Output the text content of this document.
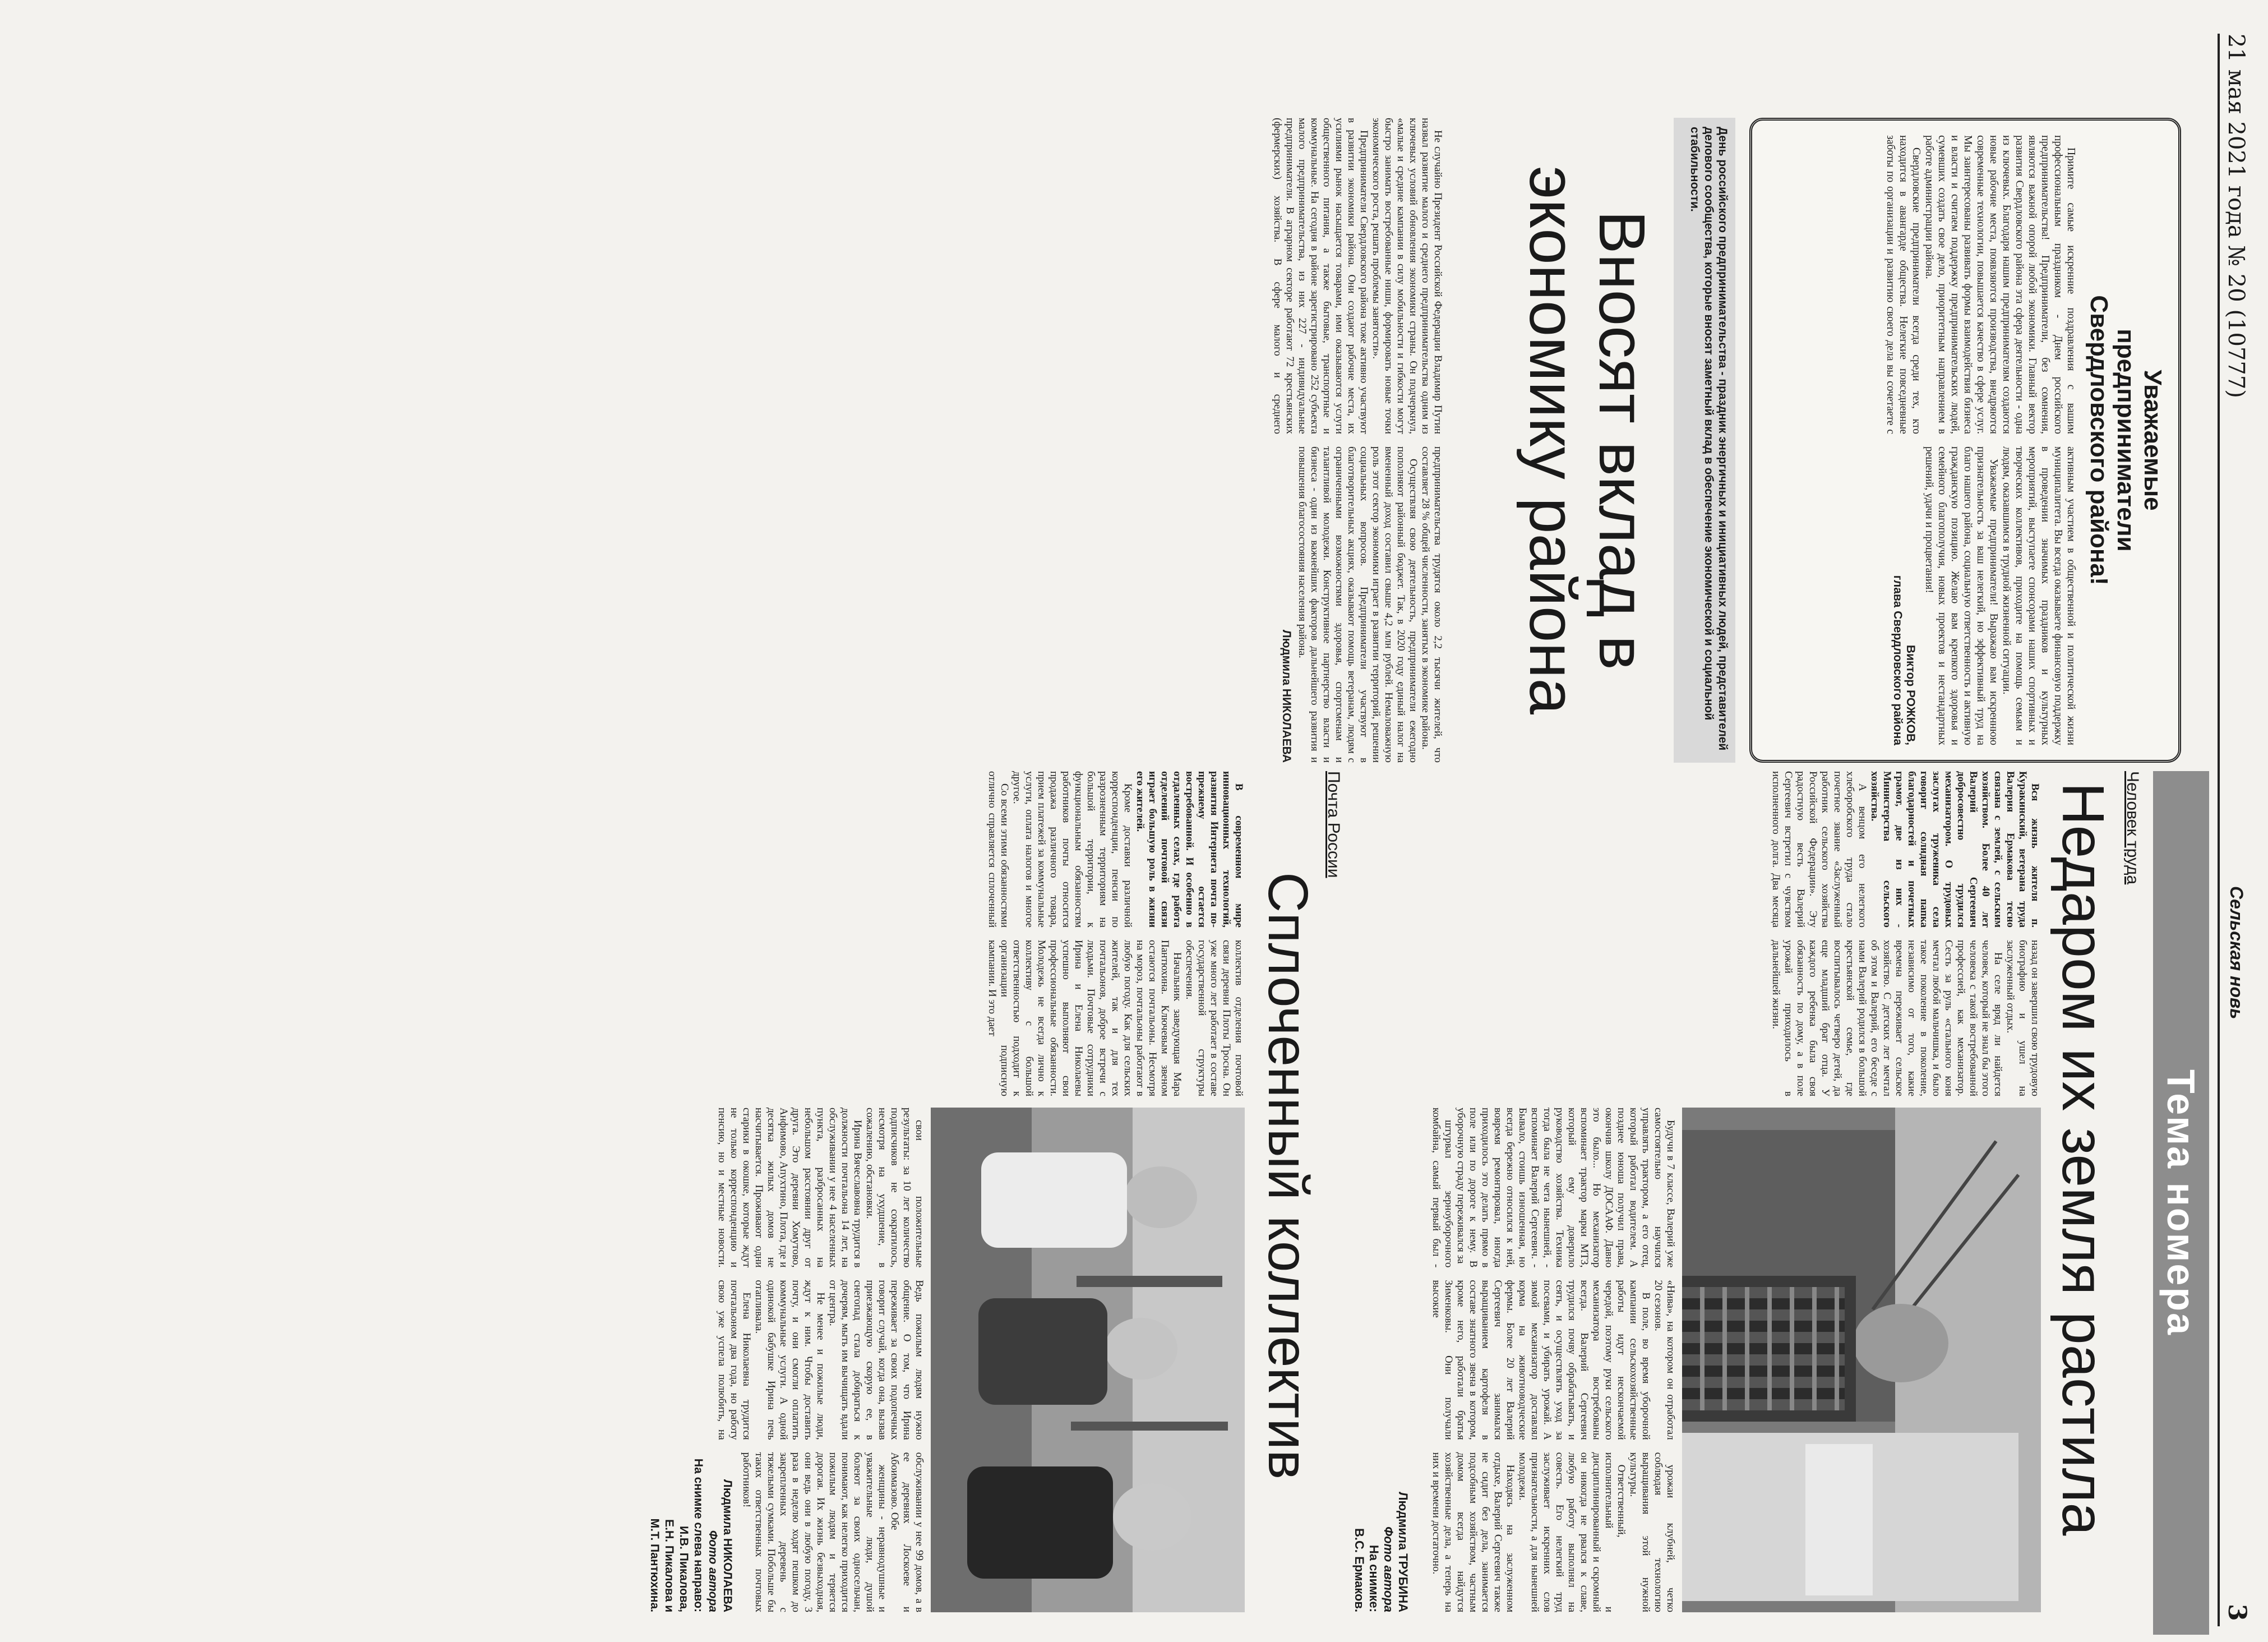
21 мая 2021 года № 20 (10777)
Сельская новь
3
Уважаемые предприниматели Свердловского района!

Примите самые искренние поздравления с вашим профессиональным праздником - Днем российского предпринимательства! Предприниматели, без сомнения, являются важной опорой любой экономики. Главный вектор развития Свердловского района эта сфера деятельности - одна из ключевых. Благодаря нашим предпринимателям создаются новые рабочие места, появляются производства, внедряются современные технологии, повышается качество в сфере услуг. Мы заинтересованы развивать формы взаимодействия бизнеса и власти и считаем поддержку предпринимательских людей, сумевших создать свое дело, приоритетным направлением в работе администрации района.

Свердловские предприниматели всегда среди тех, кто находится в авангарде общества. Нелегкие повседневные заботы по организации и развитию своего дела вы сочетаете с активным участием в общественной и политической жизни муниципалитета. Вы всегда оказываете финансовую поддержку в проведении значимых праздников и культурных мероприятий, выступаете спонсорами наших спортивных и творческих коллективов, приходите на помощь семьям и людям, оказавшимся в трудной жизненной ситуации.

Уважаемые предприниматели! Выражаю вам искреннюю признательность за ваш нелегкий, но эффективный труд на благо нашего района, социальную ответственность и активную гражданскую позицию. Желаю вам крепкого здоровья и семейного благополучия, новых проектов и нестандартных решений, удачи и процветания!

Виктор РОЖКОВ,
глава Свердловского района
Тема номера
Человек труда
Недаром их земля растила

Вся жизнь жителя п. Куракинский, ветерана труда Валерия Ермакова тесно связана с землей, с сельским хозяйством. Более 40 лет Валерий Сергеевич добросовестно трудился механизатором. О трудовых заслугах труженика села говорит солидная папка благодарностей и почетных грамот, две из них - Министерства сельского хозяйства.

А венцом его нелегкого хлеборобского труда стало почетное звание «Заслуженный работник сельского хозяйства Российской Федерации». Эту радостную весть Валерий Сергеевич встретил с чувством исполненного долга. Два месяца назад он завершил свою трудовую биографию и ушел на заслуженный отдых.

На селе вряд ли найдется человек, который не знал бы этого человека с такой востребованной профессией, как механизатор. Сесть за руль «стального коня мечтал любой мальчишка, и было такое поколение в поколение, независимо от того, какие времена переживает сельское хозяйство. С детских лет мечтал об этом и Валерий, его беседе с нами Валерий родился в большой крестьянской семье, где воспитывалось четверо детей, да еще младший брат отца. У каждого ребенка была своя обязанность по дому, а в поле урожай приходилось в дальнейшей жизни.

Будучи в 7 классе, Валерий уже самостоятельно научился управлять трактором, а его отец, который работал водителем. А позднее юноша получил права, окончив школу ДОСААФ. Давно это было... Но механизатор вспоминает трактор марки МТЗ, который ему доверило руководство хозяйства. Техника тогда была не чета нынешней, - вспоминает Валерий Сергеевич. - Бывало, стоишь изношенная, но всегда бережно относился к ней, вовремя ремонтировал, иногда приходилось это делать прямо в поле или по дороге к нему. В уборочную страду переживался за

штурвал зерноуборочного комбайна, самый первый был - «Нива», на котором он отработал 20 сезонов.

В поле, во время уборочной кампании сельскохозяйственные работы идут нескончаемой чередой, поэтому руки сельского механизатора востребованы всегда. Валерий Сергеевич трудился почву обрабатывать, и сеять, и осуществлять уход за посевами, и убирать урожай. А зимой механизатор доставлял корма на животноводческие фермы. Более 20 лет Валерий Сергеевич занимался выращиванием картофеля в составе знатного звена в котором, кроме него, работали братья Зименковы. Они получали высокие

урожаи клубней, четко соблюдая технологию выращивания этой нужной культуры.

Ответственный, исполнительный и дисциплинированный и скромный он никогда не рвался к славе, любую работу выполнял на совесть. Его нелегкий труд заслуживает искренних слов признательности, а для нынешней молодежи.

Находясь на заслуженном отдыхе, Валерий Сергеевич также не сидит без дела, занимается подсобным хозяйством, частным домом всегда найдутся хозяйственные дела, а теперь на них и времени достаточно.

Людмила ТРУБИНА
Фото автора
На снимке:
В.С. Ермаков.
День российского предпринимательства - праздник энергичных и инициативных людей, представителей делового сообщества, которые вносят заметный вклад в обеспечение экономической и социальной стабильности.
Вносят вклад в экономику района

Не случайно Президент Российской Федерации Владимир Путин назвал развитие малого и среднего предпринимательства одним из ключевых условий обновления экономики страны. Он подчеркнул, «малые и средние кампании в силу мобильности и гибкости могут быстро занимать востребованные ниши, формировать новые точки экономического роста, решать проблемы занятости».

Предприниматели Свердловского района тоже активно участвуют в развитии экономики района. Они создают рабочие места, их усилиями рынок насыщается товарами, ими оказываются услуги общественного питания, а также бытовые, транспортные и коммунальные. На сегодня в районе зарегистрировано 252 субъекта малого предпринимательства, из них 227 - индивидуальные предприниматели. В аграрном секторе работают 72 крестьянских (фермерских) хозяйства. В сфере малого и среднего предпринимательства трудятся около 2,2 тысячи жителей, что составляет 28 % общей численности, занятых в экономике района.

Осуществляя свою деятельность, предприниматели ежегодно пополняют районный бюджет. Так, в 2020 году единый налог на вмененный доход составил свыше 4,2 млн рублей. Немаловажную роль этот сектор экономики играет в развитии территорий, решении социальных вопросов. Предприниматели участвуют в благотворительных акциях, оказывают помощь ветеранам, людям с ограниченными возможностями здоровья, спортсменам и талантливой молодежи. Конструктивное партнерство власти и бизнеса - один из важнейших факторов дальнейшего развития и повышения благосостояния населения района.

Людмила НИКОЛАЕВА
Почта России
Сплоченный коллектив

В современном мире инновационных технологий, развития Интернета почта по-прежнему остается востребованной. И особенно в отдаленных селах, где работа отделений почтовой связи играет большую роль в жизни его жителей.

Кроме доставки различной корреспонденции, пенсии по разрозненным территориям на большой территории, к функциональным обязанностям работников почты относится продажа различного товара, прием платежей за коммунальные услуги, оплата налогов и многое другое.

Со всеми этими обязанностями отлично справляется сплоченный коллектив отделения почтовой связи деревни Плоты Тросна. Он уже много лет работает в составе государственной структуры обеспечения.

Начальник заведующая Мара Пантюхина. Ключевым звеном остаются почтальоны. Несмотря на мороз, почтальоны работают в любую погоду. Как для сельских жителей, так и для тех почтальонов, доброе встречи с людьми. Почтовые сотрудники Ирина и Елена Николаевы успешно выполняют свои профессиональные обязанности. Молодежь не всегда лично к коллективу с большой ответственностью подходит к организации подписную кампании. И это дает

свои положительные результаты: за 10 лет количество подписчиков не сократилось, несмотря на ухудшение, в сожалению, обстановки.

Ирина Вячеславовна трудится в должности почтальона 14 лет, на обслуживании у нее 4 населенных пункта, разбросанных на небольшом расстоянии друг от друга. Это деревни Хомутово, Анфимово, Апухтино, Плота, где и десятка жилых домов не насчитывается. Проживают одни старики в окошке, которые ждут не только корреспонденцию и пенсию, но и местные новости. Ведь пожилым людям нужно общение. О том, что Ирина переживает за своих подопечных говорит случай, когда она, вызвав приезжающую скорую ее, в снегопад стала добираться к дочерям, мыть им вычищать вдали от центра.

Не менее и пожилые люди, ждут к ним. Чтобы доставить почту, и они смогли оплатить коммунальные услуги. А одной одинокой бабушке Ирина печь отапливала.

Елена Николаевна трудится почтальоном два года, но работу свою уже успела полюбить, на обслуживании у нее 99 домов, а в ее деревнях Лоскоеве и Абоимазово. Обе

женщины - неравнодушные и уважительные люди, душой болеют за своих односельчан, понимают, как нелегко приходится пожилым людям и теряется дорогая. Их жизнь безвыходная, они ведь они в любую погоду, 3 раза в неделю ходят пешком до закрепленных деревень с тяжелыми сумками. Побольше бы таких ответственных почтовых работников!

Людмила НИКОЛАЕВА
Фото автора
На снимке слева направо:
И.В. Пикалова,
Е.Н. Пикалова и
М.Т. Пантюхина.
